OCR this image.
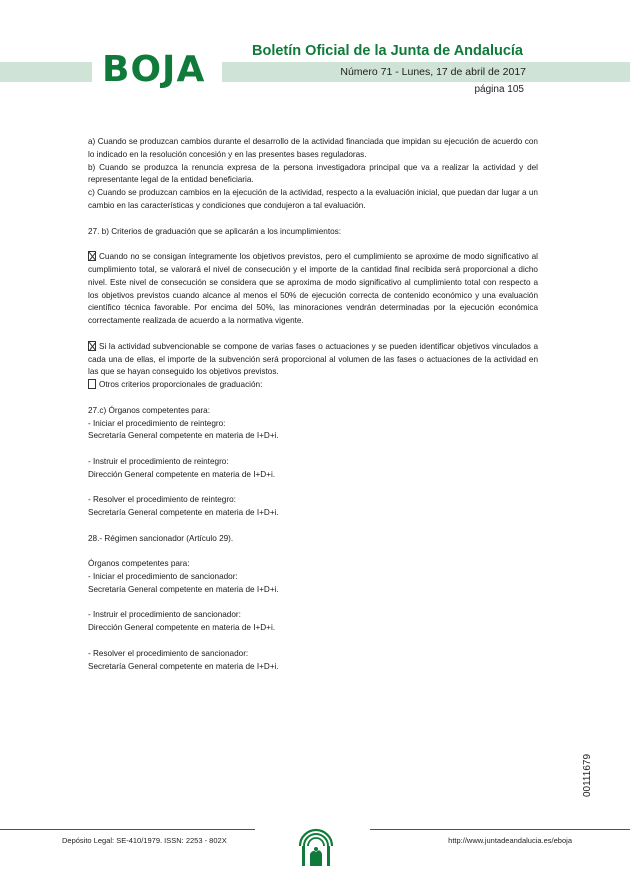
BOJA	Boletín Oficial de la Junta de Andalucía
Número 71 - Lunes, 17 de abril de 2017
página 105

a) Cuando se produzcan cambios durante el desarrollo de la actividad financiada que impidan su ejecución de acuerdo con lo indicado en la resolución concesión y en las presentes bases reguladoras.

b) Cuando se produzca la renuncia expresa de la persona investigadora principal que va a realizar la actividad y del representante legal de la entidad beneficiaria.

c) Cuando se produzcan cambios en la ejecución de la actividad, respecto a la evaluación inicial, que puedan dar lugar a un cambio en las características y condiciones que condujeron a tal evaluación.

27. b) Criterios de graduación que se aplicarán a los incumplimientos:

Cuando no se consigan íntegramente los objetivos previstos, pero el cumplimiento se aproxime de modo significativo al cumplimiento total, se valorará el nivel de consecución y el importe de la cantidad final recibida será proporcional a dicho nivel. Este nivel de consecución se considera que se aproxima de modo significativo al cumplimiento total con respecto a los objetivos previstos cuando alcance al menos el 50% de ejecución correcta de contenido económico y una evaluación científico técnica favorable. Por encima del 50%, las minoraciones vendrán determinadas por la ejecución económica correctamente realizada de acuerdo a la normativa vigente.

Si la actividad subvencionable se compone de varias fases o actuaciones y se pueden identificar objetivos vinculados a cada una de ellas, el importe de la subvención será proporcional al volumen de las fases o actuaciones de la actividad en las que se hayan conseguido los objetivos previstos.

Otros criterios proporcionales de graduación:

27.c) Órganos competentes para:

- Iniciar el procedimiento de reintegro:

Secretaría General competente en materia de I+D+i.

- Instruir el procedimiento de reintegro:

Dirección General competente en materia de I+D+i.

- Resolver el procedimiento de reintegro:

Secretaría General competente en materia de I+D+i.

28.- Régimen sancionador (Artículo 29).

Órganos competentes para:

- Iniciar el procedimiento de sancionador:

Secretaría General competente en materia de I+D+i.

- Instruir el procedimiento de sancionador:

Dirección General competente en materia de I+D+i.

- Resolver el procedimiento de sancionador:

Secretaría General competente en materia de I+D+i.

00111679
Depósito Legal: SE-410/1979. ISSN: 2253 - 802X	http://www.juntadeandalucia.es/eboja
